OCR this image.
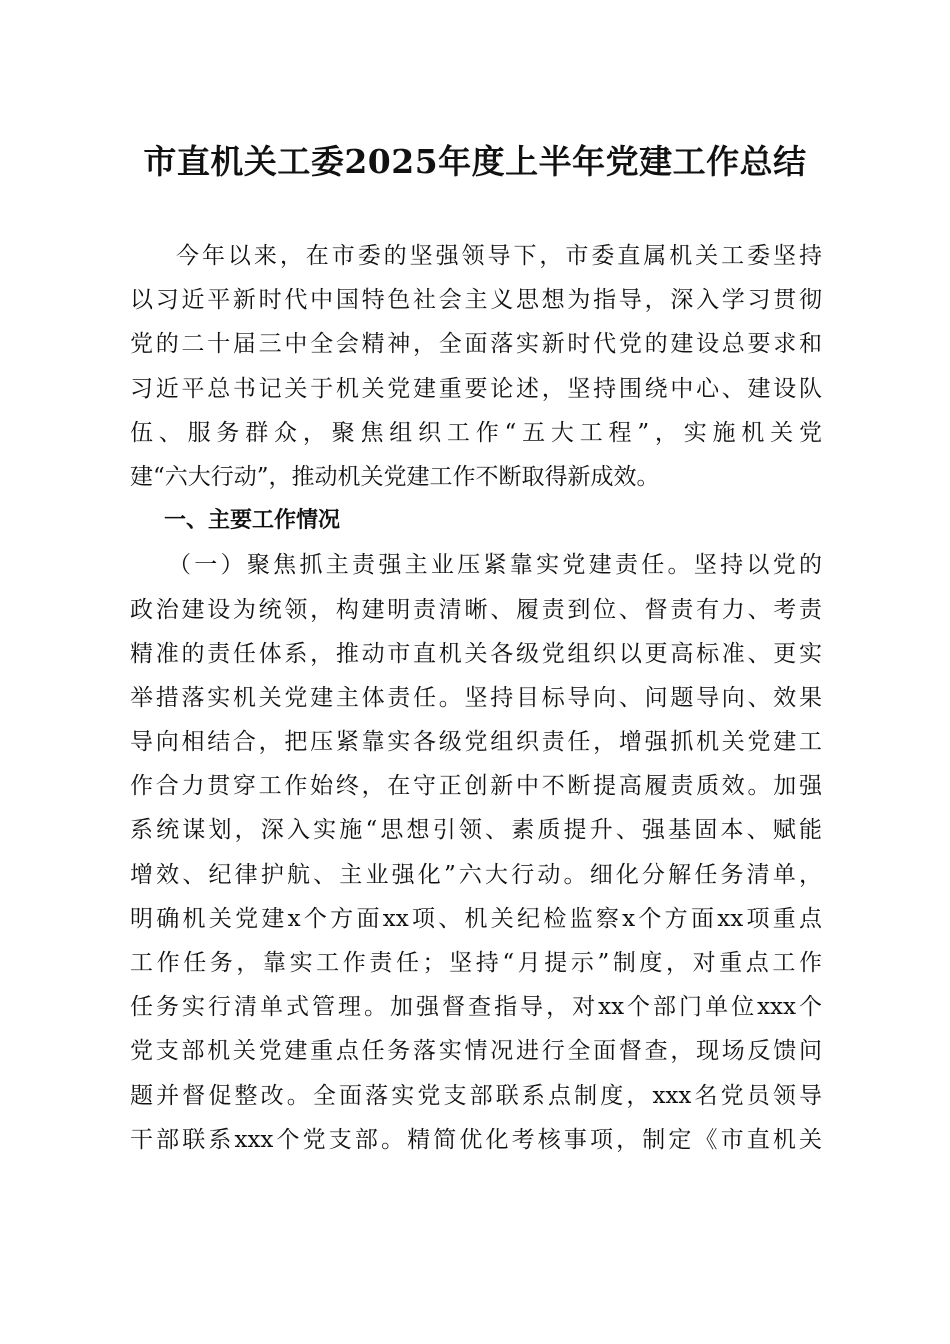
市直机关工委2025年度上半年党建工作总结
今年以来，在市委的坚强领导下，市委直属机关工委坚持
以习近平新时代中国特色社会主义思想为指导，深入学习贯彻
党的二十届三中全会精神，全面落实新时代党的建设总要求和
习近平总书记关于机关党建重要论述，坚持围绕中心、建设队
伍、服务群众，聚焦组织工作“五大工程”，实施机关党
建“六大行动”，推动机关党建工作不断取得新成效。
一、主要工作情况
（一）聚焦抓主责强主业压紧靠实党建责任。坚持以党的
政治建设为统领，构建明责清晰、履责到位、督责有力、考责
精准的责任体系，推动市直机关各级党组织以更高标准、更实
举措落实机关党建主体责任。坚持目标导向、问题导向、效果
导向相结合，把压紧靠实各级党组织责任，增强抓机关党建工
作合力贯穿工作始终，在守正创新中不断提高履责质效。加强
系统谋划，深入实施“思想引领、素质提升、强基固本、赋能
增效、纪律护航、主业强化”六大行动。细化分解任务清单，
明确机关党建x个方面xx项、机关纪检监察x个方面xx项重点
工作任务，靠实工作责任；坚持“月提示”制度，对重点工作
任务实行清单式管理。加强督查指导，对xx个部门单位xxx个
党支部机关党建重点任务落实情况进行全面督查，现场反馈问
题并督促整改。全面落实党支部联系点制度，xxx名党员领导
干部联系xxx个党支部。精简优化考核事项，制定《市直机关
